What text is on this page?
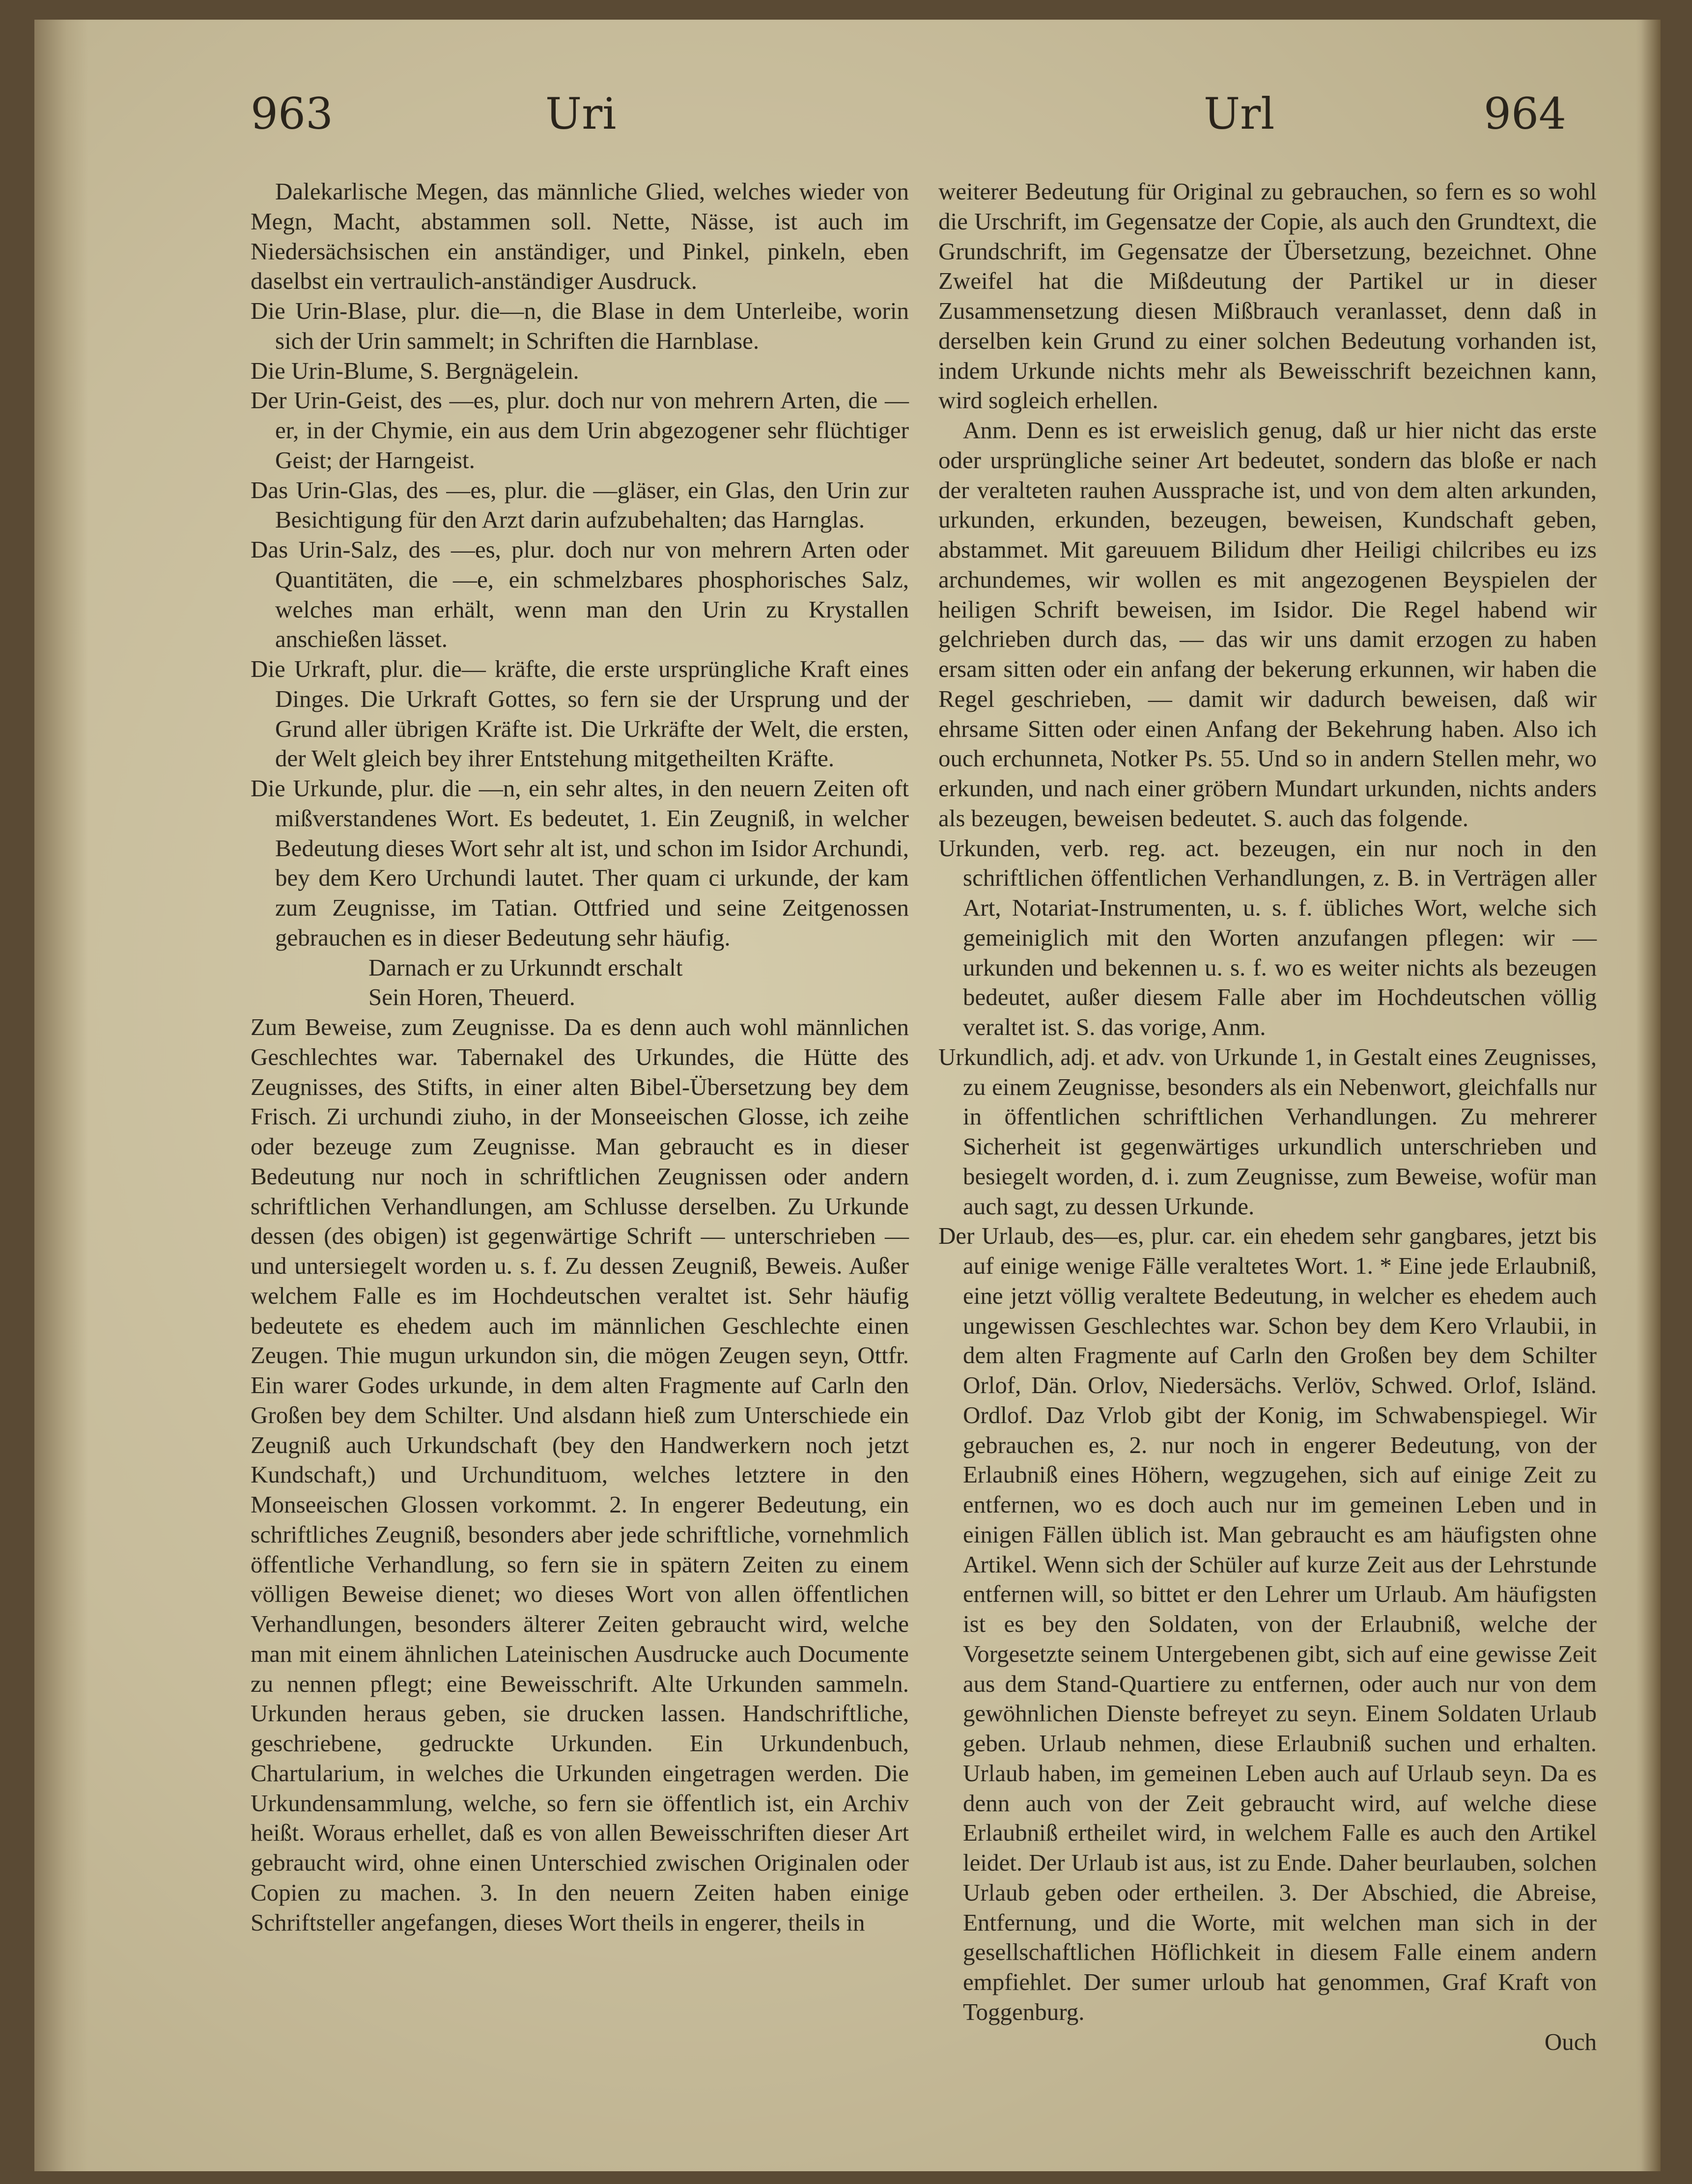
963	Uri	Url	964

Dalekarlische Megen, das männliche Glied, welches wieder von Megn, Macht, abstammen soll. Nette, Nässe, ist auch im Niedersächsischen ein anständiger, und Pinkel, pinkeln, eben daselbst ein vertraulich-anständiger Ausdruck.

Die Urin-Blase, plur. die—n, die Blase in dem Unterleibe, worin sich der Urin sammelt; in Schriften die Harnblase.

Die Urin-Blume, S. Bergnägelein.

Der Urin-Geist, des —es, plur. doch nur von mehrern Arten, die —er, in der Chymie, ein aus dem Urin abgezogener sehr flüchtiger Geist; der Harngeist.

Das Urin-Glas, des —es, plur. die —gläser, ein Glas, den Urin zur Besichtigung für den Arzt darin aufzubehalten; das Harnglas.

Das Urin-Salz, des —es, plur. doch nur von mehrern Arten oder Quantitäten, die —e, ein schmelzbares phosphorisches Salz, welches man erhält, wenn man den Urin zu Krystallen anschießen lässet.

Die Urkraft, plur. die— kräfte, die erste ursprüngliche Kraft eines Dinges. Die Urkraft Gottes, so fern sie der Ursprung und der Grund aller übrigen Kräfte ist. Die Urkräfte der Welt, die ersten, der Welt gleich bey ihrer Entstehung mitgetheilten Kräfte.

Die Urkunde, plur. die —n, ein sehr altes, in den neuern Zeiten oft mißverstandenes Wort. Es bedeutet, 1. Ein Zeugniß, in welcher Bedeutung dieses Wort sehr alt ist, und schon im Isidor Archundi, bey dem Kero Urchundi lautet. Ther quam ci urkunde, der kam zum Zeugnisse, im Tatian. Ottfried und seine Zeitgenossen gebrauchen es in dieser Bedeutung sehr häufig.

Darnach er zu Urkunndt erschalt

Sein Horen, Theuerd.

Zum Beweise, zum Zeugnisse. Da es denn auch wohl männlichen Geschlechtes war. Tabernakel des Urkundes, die Hütte des Zeugnisses, des Stifts, in einer alten Bibel-Übersetzung bey dem Frisch. Zi urchundi ziuho, in der Monseeischen Glosse, ich zeihe oder bezeuge zum Zeugnisse. Man gebraucht es in dieser Bedeutung nur noch in schriftlichen Zeugnissen oder andern schriftlichen Verhandlungen, am Schlusse derselben. Zu Urkunde dessen (des obigen) ist gegenwärtige Schrift — unterschrieben — und untersiegelt worden u. s. f. Zu dessen Zeugniß, Beweis. Außer welchem Falle es im Hochdeutschen veraltet ist. Sehr häufig bedeutete es ehedem auch im männlichen Geschlechte einen Zeugen. Thie mugun urkundon sin, die mögen Zeugen seyn, Ottfr. Ein warer Godes urkunde, in dem alten Fragmente auf Carln den Großen bey dem Schilter. Und alsdann hieß zum Unterschiede ein Zeugniß auch Urkundschaft (bey den Handwerkern noch jetzt Kundschaft,) und Urchundituom, welches letztere in den Monseeischen Glossen vorkommt. 2. In engerer Bedeutung, ein schriftliches Zeugniß, besonders aber jede schriftliche, vornehmlich öffentliche Verhandlung, so fern sie in spätern Zeiten zu einem völligen Beweise dienet; wo dieses Wort von allen öffentlichen Verhandlungen, besonders älterer Zeiten gebraucht wird, welche man mit einem ähnlichen Lateinischen Ausdrucke auch Documente zu nennen pflegt; eine Beweisschrift. Alte Urkunden sammeln. Urkunden heraus geben, sie drucken lassen. Handschriftliche, geschriebene, gedruckte Urkunden. Ein Urkundenbuch, Chartularium, in welches die Urkunden eingetragen werden. Die Urkundensammlung, welche, so fern sie öffentlich ist, ein Archiv heißt. Woraus erhellet, daß es von allen Beweisschriften dieser Art gebraucht wird, ohne einen Unterschied zwischen Originalen oder Copien zu machen. 3. In den neuern Zeiten haben einige Schriftsteller angefangen, dieses Wort theils in engerer, theils in

weiterer Bedeutung für Original zu gebrauchen, so fern es so wohl die Urschrift, im Gegensatze der Copie, als auch den Grundtext, die Grundschrift, im Gegensatze der Übersetzung, bezeichnet. Ohne Zweifel hat die Mißdeutung der Partikel ur in dieser Zusammensetzung diesen Mißbrauch veranlasset, denn daß in derselben kein Grund zu einer solchen Bedeutung vorhanden ist, indem Urkunde nichts mehr als Beweisschrift bezeichnen kann, wird sogleich erhellen.

Anm. Denn es ist erweislich genug, daß ur hier nicht das erste oder ursprüngliche seiner Art bedeutet, sondern das bloße er nach der veralteten rauhen Aussprache ist, und von dem alten arkunden, urkunden, erkunden, bezeugen, beweisen, Kundschaft geben, abstammet. Mit gareuuem Bilidum dher Heiligi chilcribes eu izs archundemes, wir wollen es mit angezogenen Beyspielen der heiligen Schrift beweisen, im Isidor. Die Regel habend wir gelchrieben durch das, — das wir uns damit erzogen zu haben ersam sitten oder ein anfang der bekerung erkunnen, wir haben die Regel geschrieben, — damit wir dadurch beweisen, daß wir ehrsame Sitten oder einen Anfang der Bekehrung haben. Also ich ouch erchunneta, Notker Ps. 55. Und so in andern Stellen mehr, wo erkunden, und nach einer gröbern Mundart urkunden, nichts anders als bezeugen, beweisen bedeutet. S. auch das folgende.

Urkunden, verb. reg. act. bezeugen, ein nur noch in den schriftlichen öffentlichen Verhandlungen, z. B. in Verträgen aller Art, Notariat-Instrumenten, u. s. f. übliches Wort, welche sich gemeiniglich mit den Worten anzufangen pflegen: wir — urkunden und bekennen u. s. f. wo es weiter nichts als bezeugen bedeutet, außer diesem Falle aber im Hochdeutschen völlig veraltet ist. S. das vorige, Anm.

Urkundlich, adj. et adv. von Urkunde 1, in Gestalt eines Zeugnisses, zu einem Zeugnisse, besonders als ein Nebenwort, gleichfalls nur in öffentlichen schriftlichen Verhandlungen. Zu mehrerer Sicherheit ist gegenwärtiges urkundlich unterschrieben und besiegelt worden, d. i. zum Zeugnisse, zum Beweise, wofür man auch sagt, zu dessen Urkunde.

Der Urlaub, des—es, plur. car. ein ehedem sehr gangbares, jetzt bis auf einige wenige Fälle veraltetes Wort. 1. * Eine jede Erlaubniß, eine jetzt völlig veraltete Bedeutung, in welcher es ehedem auch ungewissen Geschlechtes war. Schon bey dem Kero Vrlaubii, in dem alten Fragmente auf Carln den Großen bey dem Schilter Orlof, Dän. Orlov, Niedersächs. Verlöv, Schwed. Orlof, Isländ. Ordlof. Daz Vrlob gibt der Konig, im Schwabenspiegel. Wir gebrauchen es, 2. nur noch in engerer Bedeutung, von der Erlaubniß eines Höhern, wegzugehen, sich auf einige Zeit zu entfernen, wo es doch auch nur im gemeinen Leben und in einigen Fällen üblich ist. Man gebraucht es am häufigsten ohne Artikel. Wenn sich der Schüler auf kurze Zeit aus der Lehrstunde entfernen will, so bittet er den Lehrer um Urlaub. Am häufigsten ist es bey den Soldaten, von der Erlaubniß, welche der Vorgesetzte seinem Untergebenen gibt, sich auf eine gewisse Zeit aus dem Stand-Quartiere zu entfernen, oder auch nur von dem gewöhnlichen Dienste befreyet zu seyn. Einem Soldaten Urlaub geben. Urlaub nehmen, diese Erlaubniß suchen und erhalten. Urlaub haben, im gemeinen Leben auch auf Urlaub seyn. Da es denn auch von der Zeit gebraucht wird, auf welche diese Erlaubniß ertheilet wird, in welchem Falle es auch den Artikel leidet. Der Urlaub ist aus, ist zu Ende. Daher beurlauben, solchen Urlaub geben oder ertheilen. 3. Der Abschied, die Abreise, Entfernung, und die Worte, mit welchen man sich in der gesellschaftlichen Höflichkeit in diesem Falle einem andern empfiehlet. Der sumer urloub hat genommen, Graf Kraft von Toggenburg.

Ouch
